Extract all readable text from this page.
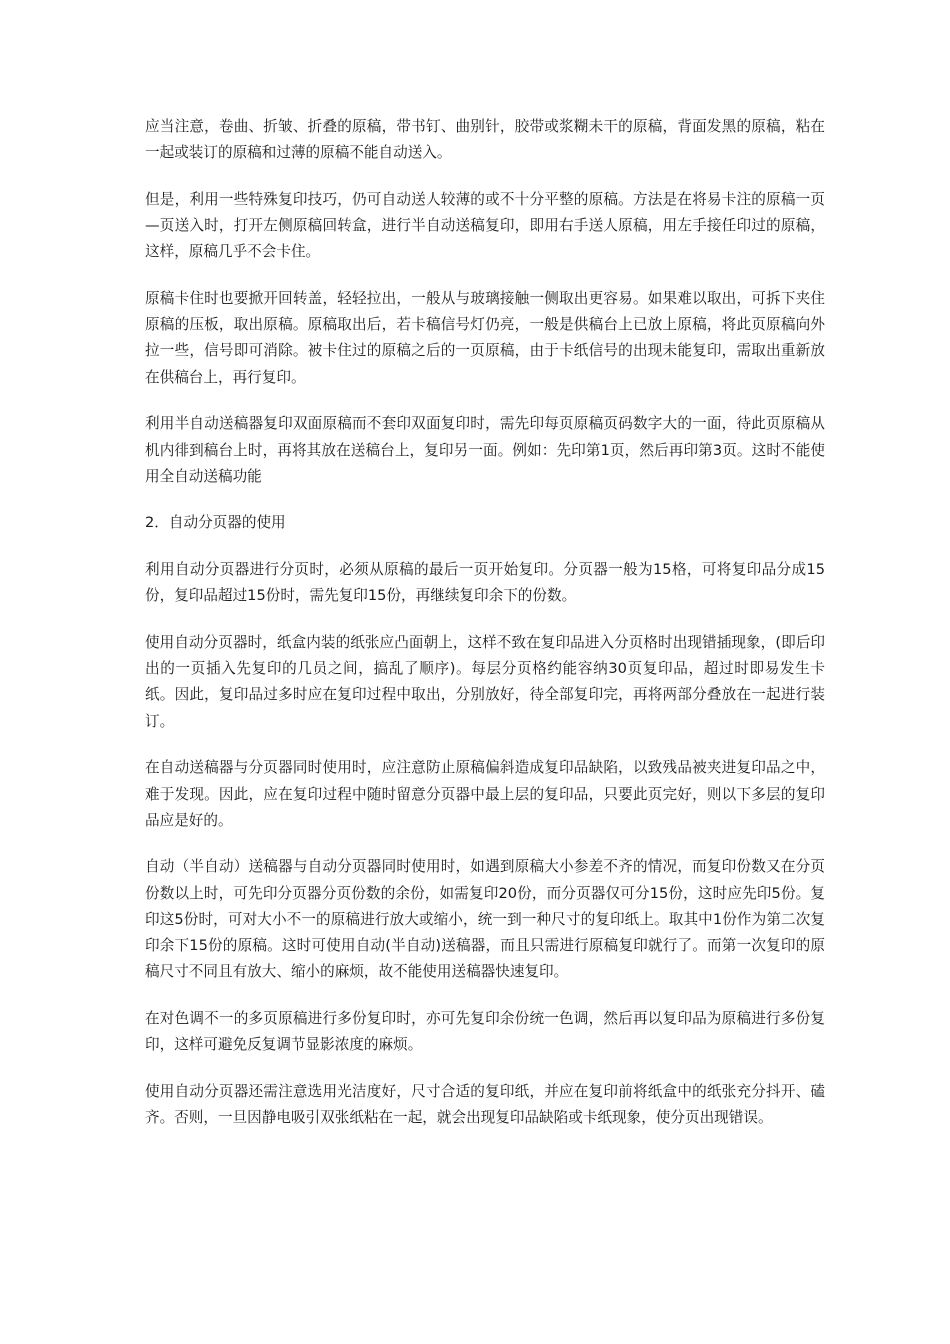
应当注意，卷曲、折皱、折叠的原稿，带书钉、曲别针，胶带或浆糊未干的原稿，背面发黑的原稿，粘在一起或装订的原稿和过薄的原稿不能自动送入。

但是，利用一些特殊复印技巧，仍可自动送人较薄的或不十分平整的原稿。方法是在将易卡注的原稿一页—页送入时，打开左侧原稿回转盒，进行半自动送稿复印，即用右手送人原稿，用左手接任印过的原稿，这样，原稿几乎不会卡住。

原稿卡住时也要掀开回转盖，轻轻拉出，一般从与玻璃接触一侧取出更容易。如果难以取出，可拆下夹住原稿的压板，取出原稿。原稿取出后，若卡稿信号灯仍亮，一般是供稿台上已放上原稿，将此页原稿向外拉一些，信号即可消除。被卡住过的原稿之后的一页原稿，由于卡纸信号的出现未能复印，需取出重新放在供稿台上，再行复印。

利用半自动送稿器复印双面原稿而不套印双面复印时，需先印每页原稿页码数字大的一面，待此页原稿从机内徘到稿台上时，再将其放在送稿台上，复印另一面。例如：先印第1页，然后再印第3页。这时不能使用全自动送稿功能

2．自动分页器的使用

利用自动分页器进行分页时，必须从原稿的最后一页开始复印。分页器一般为15格，可将复印品分成15份，复印品超过15份时，需先复印15份，再继续复印余下的份数。

使用自动分页器时，纸盒内装的纸张应凸面朝上，这样不致在复印品进入分页格时出现错插现象，(即后印出的一页插入先复印的几员之间，搞乱了顺序)。每层分页格约能容纳30页复印品，超过时即易发生卡纸。因此，复印品过多时应在复印过程中取出，分别放好，待全部复印完，再将两部分叠放在一起进行装订。

在自动送稿器与分页器同时使用时，应注意防止原稿偏斜造成复印品缺陷，以致残品被夹进复印品之中，难于发现。因此，应在复印过程中随时留意分页器中最上层的复印品，只要此页完好，则以下多层的复印品应是好的。

自动（半自动）送稿器与自动分页器同时使用时，如遇到原稿大小参差不齐的情况，而复印份数又在分页份数以上时，可先印分页器分页份数的余份，如需复印20份，而分页器仅可分15份，这时应先印5份。复印这5份时，可对大小不一的原稿进行放大或缩小，统一到一种尺寸的复印纸上。取其中1份作为第二次复印余下15份的原稿。这时可使用自动(半自动)送稿器，而且只需进行原稿复印就行了。而第一次复印的原稿尺寸不同且有放大、缩小的麻烦，故不能使用送稿器快速复印。

在对色调不一的多页原稿进行多份复印时，亦可先复印余份统一色调，然后再以复印品为原稿进行多份复印，这样可避免反复调节显影浓度的麻烦。

使用自动分页器还需注意选用光洁度好，尺寸合适的复印纸，并应在复印前将纸盒中的纸张充分抖开、磕齐。否则，一旦因静电吸引双张纸粘在一起，就会出现复印品缺陷或卡纸现象，使分页出现错误。
